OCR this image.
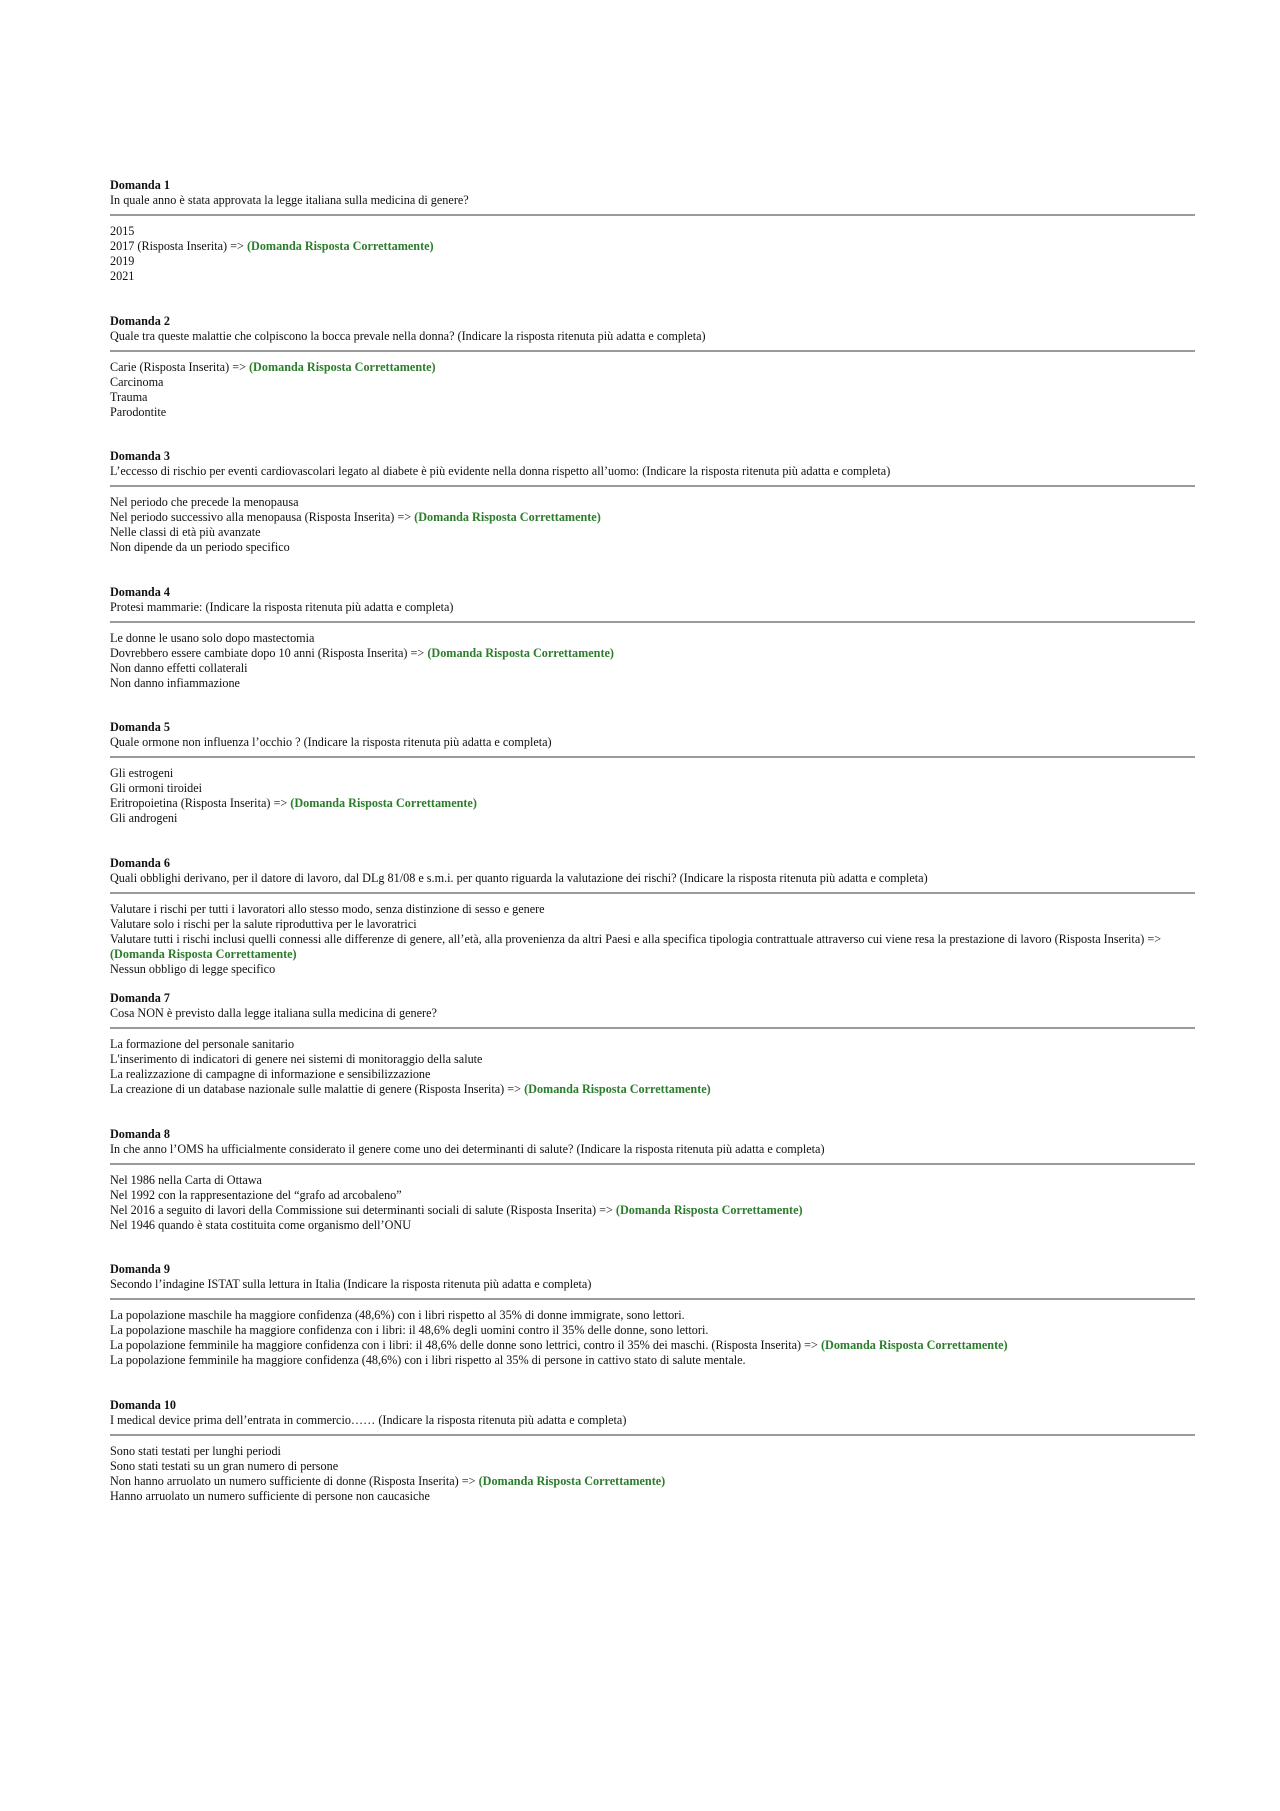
Domanda 1

In quale anno è stata approvata la legge italiana sulla medicina di genere?

2015
2017 (Risposta Inserita) => (Domanda Risposta Correttamente)
2019
2021

Domanda 2

Quale tra queste malattie che colpiscono la bocca prevale nella donna? (Indicare la risposta ritenuta più adatta e completa)

Carie (Risposta Inserita) => (Domanda Risposta Correttamente)
Carcinoma
Trauma
Parodontite

Domanda 3

L’eccesso di rischio per eventi cardiovascolari legato al diabete è più evidente nella donna rispetto all’uomo: (Indicare la risposta ritenuta più adatta e completa)

Nel periodo che precede la menopausa
Nel periodo successivo alla menopausa (Risposta Inserita) => (Domanda Risposta Correttamente)
Nelle classi di età più avanzate
Non dipende da un periodo specifico

Domanda 4

Protesi mammarie: (Indicare la risposta ritenuta più adatta e completa)

Le donne le usano solo dopo mastectomia
Dovrebbero essere cambiate dopo 10 anni (Risposta Inserita) => (Domanda Risposta Correttamente)
Non danno effetti collaterali
Non danno infiammazione

Domanda 5

Quale ormone non influenza l’occhio ? (Indicare la risposta ritenuta più adatta e completa)

Gli estrogeni
Gli ormoni tiroidei
Eritropoietina (Risposta Inserita) => (Domanda Risposta Correttamente)
Gli androgeni

Domanda 6

Quali obblighi derivano, per il datore di lavoro, dal DLg 81/08 e s.m.i. per quanto riguarda la valutazione dei rischi? (Indicare la risposta ritenuta più adatta e completa)

Valutare i rischi per tutti i lavoratori allo stesso modo, senza distinzione di sesso e genere
Valutare solo i rischi per la salute riproduttiva per le lavoratrici
Valutare tutti i rischi inclusi quelli connessi alle differenze di genere, all’età, alla provenienza da altri Paesi e alla specifica tipologia contrattuale attraverso cui viene resa la prestazione di lavoro (Risposta Inserita) => (Domanda Risposta Correttamente)
Nessun obbligo di legge specifico

Domanda 7

Cosa NON è previsto dalla legge italiana sulla medicina di genere?

La formazione del personale sanitario
L'inserimento di indicatori di genere nei sistemi di monitoraggio della salute
La realizzazione di campagne di informazione e sensibilizzazione
La creazione di un database nazionale sulle malattie di genere (Risposta Inserita) => (Domanda Risposta Correttamente)

Domanda 8

In che anno l’OMS ha ufficialmente considerato il genere come uno dei determinanti di salute? (Indicare la risposta ritenuta più adatta e completa)

Nel 1986 nella Carta di Ottawa
Nel 1992 con la rappresentazione del “grafo ad arcobaleno”
Nel 2016 a seguito di lavori della Commissione sui determinanti sociali di salute (Risposta Inserita) => (Domanda Risposta Correttamente)
Nel 1946 quando è stata costituita come organismo dell’ONU

Domanda 9

Secondo l’indagine ISTAT sulla lettura in Italia (Indicare la risposta ritenuta più adatta e completa)

La popolazione maschile ha maggiore confidenza (48,6%) con i libri rispetto al 35% di donne immigrate, sono lettori.
La popolazione maschile ha maggiore confidenza con i libri: il 48,6% degli uomini contro il 35% delle donne, sono lettori.
La popolazione femminile ha maggiore confidenza con i libri: il 48,6% delle donne sono lettrici, contro il 35% dei maschi. (Risposta Inserita) => (Domanda Risposta Correttamente)
La popolazione femminile ha maggiore confidenza (48,6%) con i libri rispetto al 35% di persone in cattivo stato di salute mentale.

Domanda 10

I medical device prima dell’entrata in commercio…… (Indicare la risposta ritenuta più adatta e completa)

Sono stati testati per lunghi periodi
Sono stati testati su un gran numero di persone
Non hanno arruolato un numero sufficiente di donne (Risposta Inserita) => (Domanda Risposta Correttamente)
Hanno arruolato un numero sufficiente di persone non caucasiche
